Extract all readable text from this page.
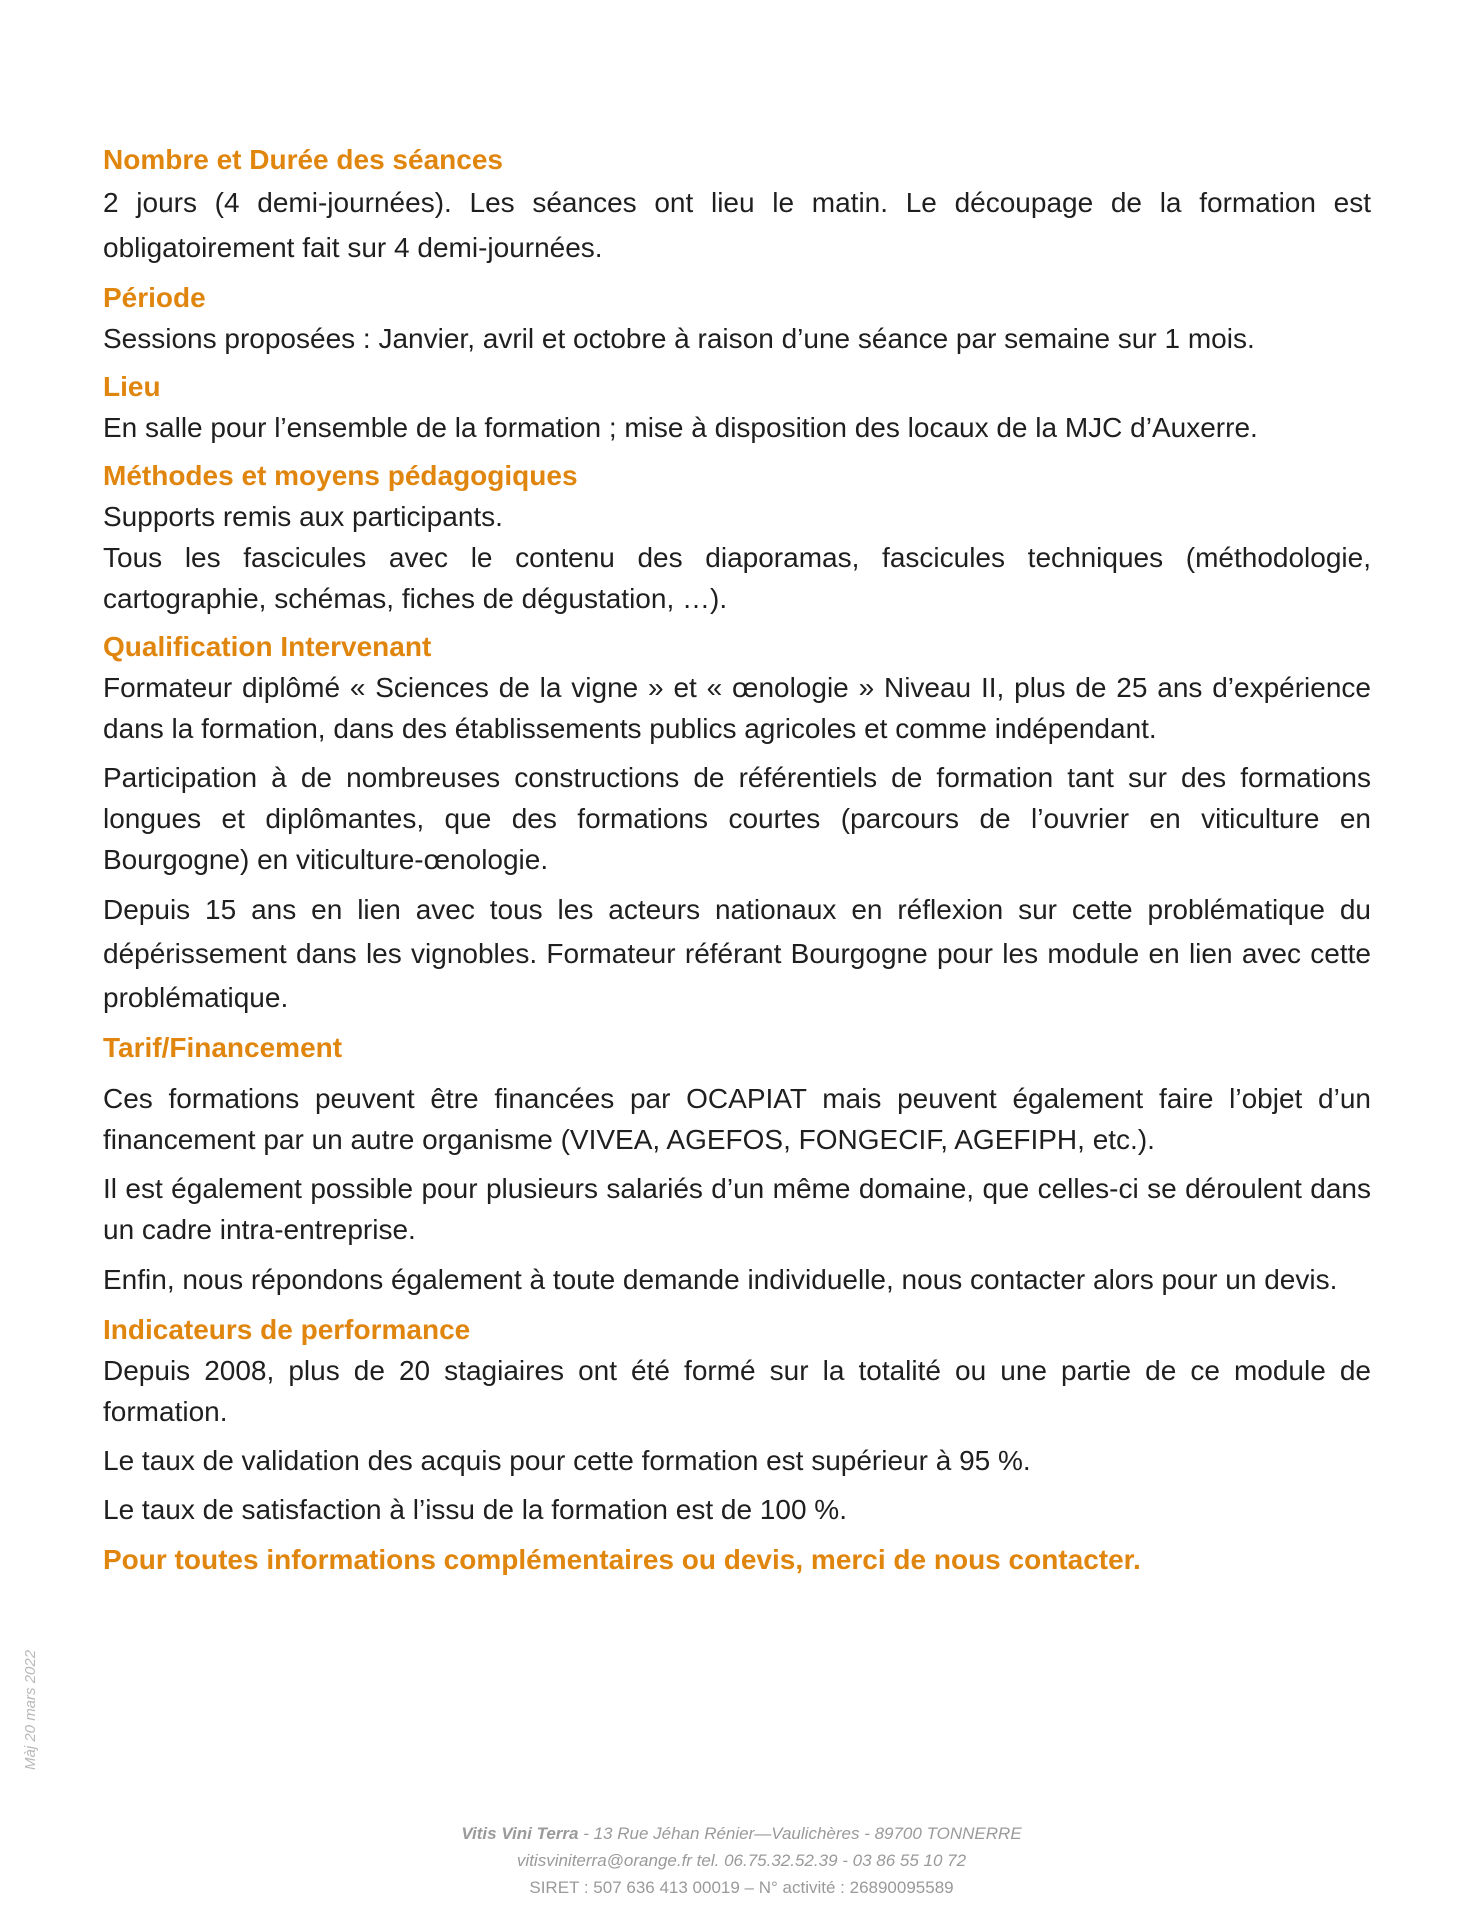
Nombre et Durée des séances

2 jours (4 demi-journées). Les séances ont lieu le matin. Le découpage de la formation est obligatoirement fait sur 4 demi-journées.

Période

Sessions proposées : Janvier, avril et octobre à raison d’une séance par semaine sur 1 mois.

Lieu

En salle pour l’ensemble de la formation ; mise à disposition des locaux de la MJC d’Auxerre.

Méthodes et moyens pédagogiques

Supports remis aux participants.

Tous les fascicules avec le contenu des diaporamas, fascicules techniques (méthodologie, cartographie, schémas, fiches de dégustation, …).

Qualification Intervenant

Formateur diplômé « Sciences de la vigne » et « œnologie » Niveau II, plus de 25 ans d’expérience dans la formation, dans des établissements publics agricoles et comme indépendant.

Participation à de nombreuses constructions de référentiels de formation tant sur des formations longues et diplômantes, que des formations courtes (parcours de l’ouvrier en viticulture en Bourgogne) en viticulture-œnologie.

Depuis 15 ans en lien avec tous les acteurs nationaux en réflexion sur cette problématique du dépérissement dans les vignobles. Formateur référant Bourgogne pour les module en lien avec cette problématique.

Tarif/Financement

Ces formations peuvent être financées par OCAPIAT mais peuvent également faire l’objet d’un financement par un autre organisme (VIVEA, AGEFOS, FONGECIF, AGEFIPH, etc.).

Il est également possible pour plusieurs salariés d’un même domaine, que celles-ci se déroulent dans un cadre intra-entreprise.

Enfin, nous répondons également à toute demande individuelle, nous contacter alors pour un devis.

Indicateurs de performance

Depuis 2008, plus de 20 stagiaires ont été formé sur la totalité ou une partie de ce module de formation.

Le taux de validation des acquis pour cette formation est supérieur à 95 %.

Le taux de satisfaction à l’issu de la formation est de 100 %.

Pour toutes informations complémentaires ou devis, merci de nous contacter.
Màj 20 mars 2022
Vitis Vini Terra - 13 Rue Jéhan Rénier—Vaulichères - 89700 TONNERRE
vitisviniterra@orange.fr tel. 06.75.32.52.39 - 03 86 55 10 72
SIRET : 507 636 413 00019 – N° activité : 26890095589
